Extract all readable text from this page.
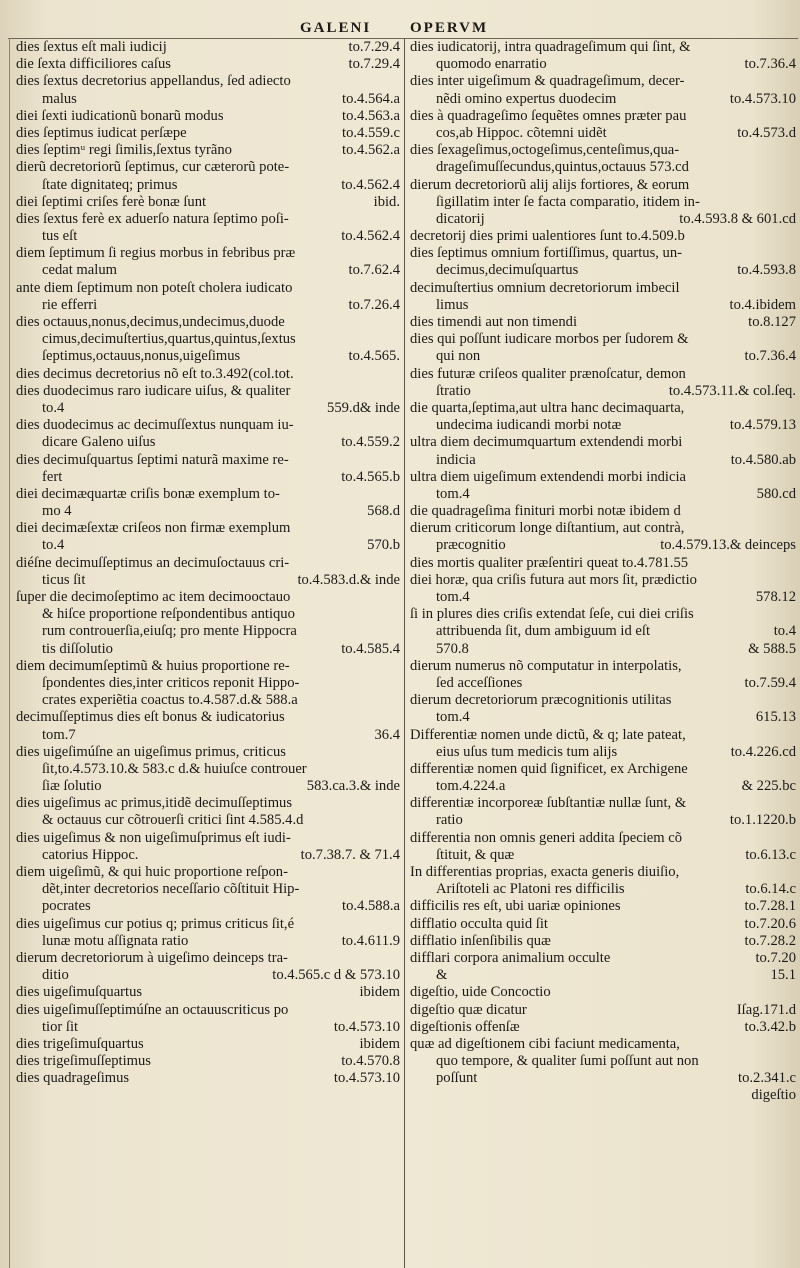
GALENI	OPERVM
dies ſextus eſt mali iudicij	to.7.29.4
die ſexta difficiliores caſus	to.7.29.4
dies ſextus decretorius appellandus, ſed adiecto
malus	to.4.564.a
diei ſexti iudicationũ bonarũ modus	to.4.563.a
dies ſeptimus iudicat perſæpe	to.4.559.c
dies ſeptimᵘ regi ſimilis,ſextus tyrãno	to.4.562.a
dierũ decretoriorũ ſeptimus, cur cæterorũ pote-
ſtate dignitateq; primus	to.4.562.4
diei ſeptimi criſes ferè bonæ ſunt	ibid.
dies ſextus ferè ex aduerſo natura ſeptimo poſi-
tus eſt	to.4.562.4
diem ſeptimum ſi regius morbus in febribus præ
cedat malum	to.7.62.4
ante diem ſeptimum non poteſt cholera iudicato
rie efferri	to.7.26.4
dies octauus,nonus,decimus,undecimus,duode
cimus,decimuſtertius,quartus,quintus,ſextus
ſeptimus,octauus,nonus,uigeſimus	to.4.565.
dies decimus decretorius nõ eſt to.3.492(col.tot.
dies duodecimus raro iudicare uiſus, & qualiter
to.4	559.d& inde
dies duodecimus ac decimuſſextus nunquam iu-
dicare Galeno uiſus	to.4.559.2
dies decimuſquartus ſeptimi naturã maxime re-
fert	to.4.565.b
diei decimæquartæ criſis bonæ exemplum to-
mo 4	568.d
diei decimæſextæ criſeos non firmæ exemplum
to.4	570.b
diéſne decimuſſeptimus an decimuſoctauus cri-
ticus ſit	to.4.583.d.& inde
ſuper die decimoſeptimo ac item decimooctauo
& hiſce proportione reſpondentibus antiquo
rum controuerſia,eiuſq; pro mente Hippocra
tis diſſolutio	to.4.585.4
diem decimumſeptimũ & huius proportione re-
ſpondentes dies,inter criticos reponit Hippo-
crates experiẽtia coactus to.4.587.d.& 588.a
decimuſſeptimus dies eſt bonus & iudicatorius
tom.7	36.4
dies uigeſimúſne an uigeſimus primus, criticus
ſit,to.4.573.10.& 583.c d.& huiuſce controuer
ſiæ ſolutio	583.ca.3.& inde
dies uigeſimus ac primus,itidẽ decimuſſeptimus
& octauus cur cõtrouerſi critici ſint 4.585.4.d
dies uigeſimus & non uigeſimuſprimus eſt iudi-
catorius Hippoc.	to.7.38.7. & 71.4
diem uigeſimũ, & qui huic proportione reſpon-
dẽt,inter decretorios neceſſario cõſtituit Hip-
pocrates	to.4.588.a
dies uigeſimus cur potius q; primus criticus ſit,é
lunæ motu aſſignata ratio	to.4.611.9
dierum decretoriorum à uigeſimo deinceps tra-
ditio	to.4.565.c d & 573.10
dies uigeſimuſquartus	ibidem
dies uigeſimuſſeptimúſne an octauuscriticus po
tior ſit	to.4.573.10
dies trigeſimuſquartus	ibidem
dies trigeſimuſſeptimus	to.4.570.8
dies quadrageſimus	to.4.573.10
dies iudicatorij, intra quadrageſimum qui ſint, &
quomodo enarratio	to.7.36.4
dies inter uigeſimum & quadrageſimum, decer-
nẽdi omino expertus duodecim	to.4.573.10
dies à quadrageſimo ſequẽtes omnes præter pau
cos,ab Hippoc. cõtemni uidẽt	to.4.573.d
dies ſexageſimus,octogeſimus,centeſimus,qua-
drageſimuſſecundus,quintus,octauus 573.cd
dierum decretoriorũ alij alijs fortiores, & eorum
ſigillatim inter ſe facta comparatio, itidem in-
dicatorij	to.4.593.8 & 601.cd
decretorij dies primi ualentiores ſunt to.4.509.b
dies ſeptimus omnium fortiſſimus, quartus, un-
decimus,decimuſquartus	to.4.593.8
decimuſtertius omnium decretoriorum imbecil
limus	to.4.ibidem
dies timendi aut non timendi	to.8.127
dies qui poſſunt iudicare morbos per ſudorem &
qui non	to.7.36.4
dies futuræ criſeos qualiter prænoſcatur, demon
ſtratio	to.4.573.11.& col.ſeq.
die quarta,ſeptima,aut ultra hanc decimaquarta,
undecima iudicandi morbi notæ	to.4.579.13
ultra diem decimumquartum extendendi morbi
indicia	to.4.580.ab
ultra diem uigeſimum extendendi morbi indicia
tom.4	580.cd
die quadrageſima finituri morbi notæ ibidem d
dierum criticorum longe diſtantium, aut contrà,
præcognitio	to.4.579.13.& deinceps
dies mortis qualiter præſentiri queat to.4.781.55
diei horæ, qua criſis futura aut mors ſit, prædictio
tom.4	578.12
ſi in plures dies criſis extendat ſeſe, cui diei criſis
attribuenda ſit, dum ambiguum id eſt	to.4
570.8	& 588.5
dierum numerus nõ computatur in interpolatis,
ſed acceſſiones	to.7.59.4
dierum decretoriorum præcognitionis utilitas
tom.4	615.13
Differentiæ nomen unde dictũ, & q; late pateat,
eius uſus tum medicis tum alijs	to.4.226.cd
differentiæ nomen quid ſignificet, ex Archigene
tom.4.224.a	& 225.bc
differentiæ incorporeæ ſubſtantiæ nullæ ſunt, &
ratio	to.1.1220.b
differentia non omnis generi addita ſpeciem cõ
ſtituit, & quæ	to.6.13.c
In differentias proprias, exacta generis diuiſio,
Ariſtoteli ac Platoni res difficilis	to.6.14.c
difficilis res eſt, ubi uariæ opiniones	to.7.28.1
difflatio occulta quid ſit	to.7.20.6
difflatio inſenſibilis quæ	to.7.28.2
difflari corpora animalium occulte	to.7.20
&	15.1
digeſtio, uide Concoctio
digeſtio quæ dicatur	Iſag.171.d
digeſtionis offenſæ	to.3.42.b
quæ ad digeſtionem cibi faciunt medicamenta,
quo tempore, & qualiter ſumi poſſunt aut non
poſſunt	to.2.341.c
digeſtio
